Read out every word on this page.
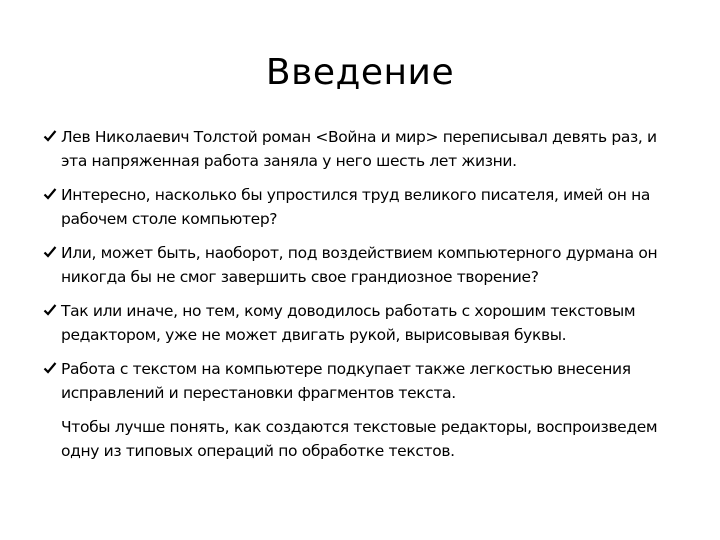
Введение
Лев Николаевич Толстой роман <Война и мир> переписывал девять раз, и эта напряженная работа заняла у него шесть лет жизни.
Интересно, насколько бы упростился труд великого писателя, имей он на рабочем столе компьютер?
Или, может быть, наоборот, под воздействием компьютерного дурмана он никогда бы не смог завершить свое грандиозное творение?
Так или иначе, но тем, кому доводилось работать с хорошим текстовым редактором, уже не может двигать рукой, вырисовывая буквы.
Работа с текстом на компьютере подкупает также легкостью внесения исправлений и перестановки фрагментов текста.
Чтобы лучше понять, как создаются текстовые редакторы, воспроизведем одну из типовых операций по обработке текстов.
